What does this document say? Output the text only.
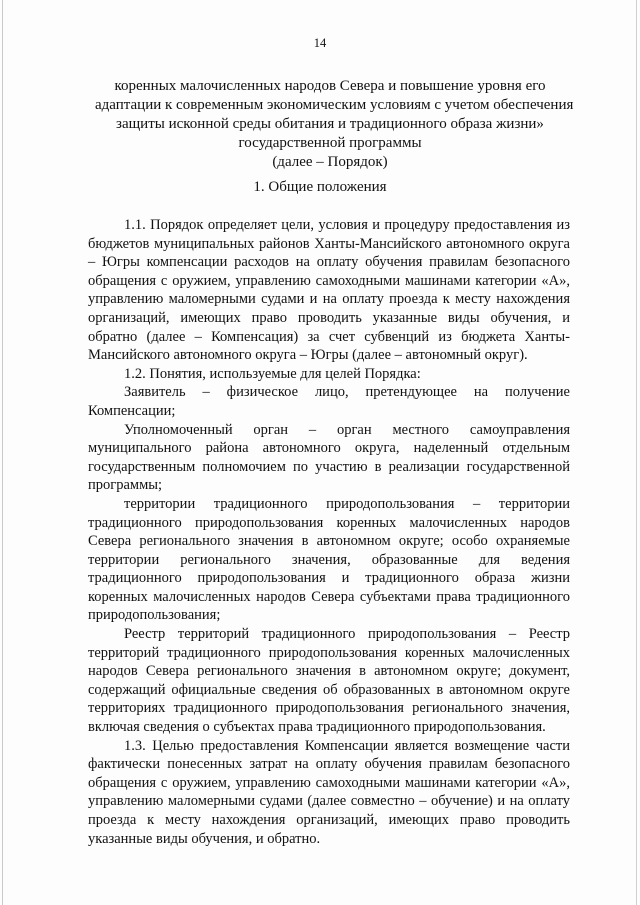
14
коренных малочисленных народов Севера и повышение уровня его
адаптации к современным экономическим условиям с учетом обеспечения
защиты исконной среды обитания и традиционного образа жизни»
государственной программы
(далее – Порядок)
1. Общие положения

1.1. Порядок определяет цели, условия и процедуру предоставления из бюджетов муниципальных районов Ханты-Мансийского автономного округа – Югры компенсации расходов на оплату обучения правилам безопасного обращения с оружием, управлению самоходными машинами категории «А», управлению маломерными судами и на оплату проезда к месту нахождения организаций, имеющих право проводить указанные виды обучения, и обратно (далее – Компенсация) за счет субвенций из бюджета Ханты-Мансийского автономного округа – Югры (далее – автономный округ).

1.2. Понятия, используемые для целей Порядка:

Заявитель – физическое лицо, претендующее на получение Компенсации;

Уполномоченный орган – орган местного самоуправления муниципального района автономного округа, наделенный отдельным государственным полномочием по участию в реализации государственной программы;

территории традиционного природопользования – территории традиционного природопользования коренных малочисленных народов Севера регионального значения в автономном округе; особо охраняемые территории регионального значения, образованные для ведения традиционного природопользования и традиционного образа жизни коренных малочисленных народов Севера субъектами права традиционного природопользования;

Реестр территорий традиционного природопользования – Реестр территорий традиционного природопользования коренных малочисленных народов Севера регионального значения в автономном округе; документ, содержащий официальные сведения об образованных в автономном округе территориях традиционного природопользования регионального значения, включая сведения о субъектах права традиционного природопользования.

1.3. Целью предоставления Компенсации является возмещение части фактически понесенных затрат на оплату обучения правилам безопасного обращения с оружием, управлению самоходными машинами категории «А», управлению маломерными судами (далее совместно – обучение) и на оплату проезда к месту нахождения организаций, имеющих право проводить указанные виды обучения, и обратно.
